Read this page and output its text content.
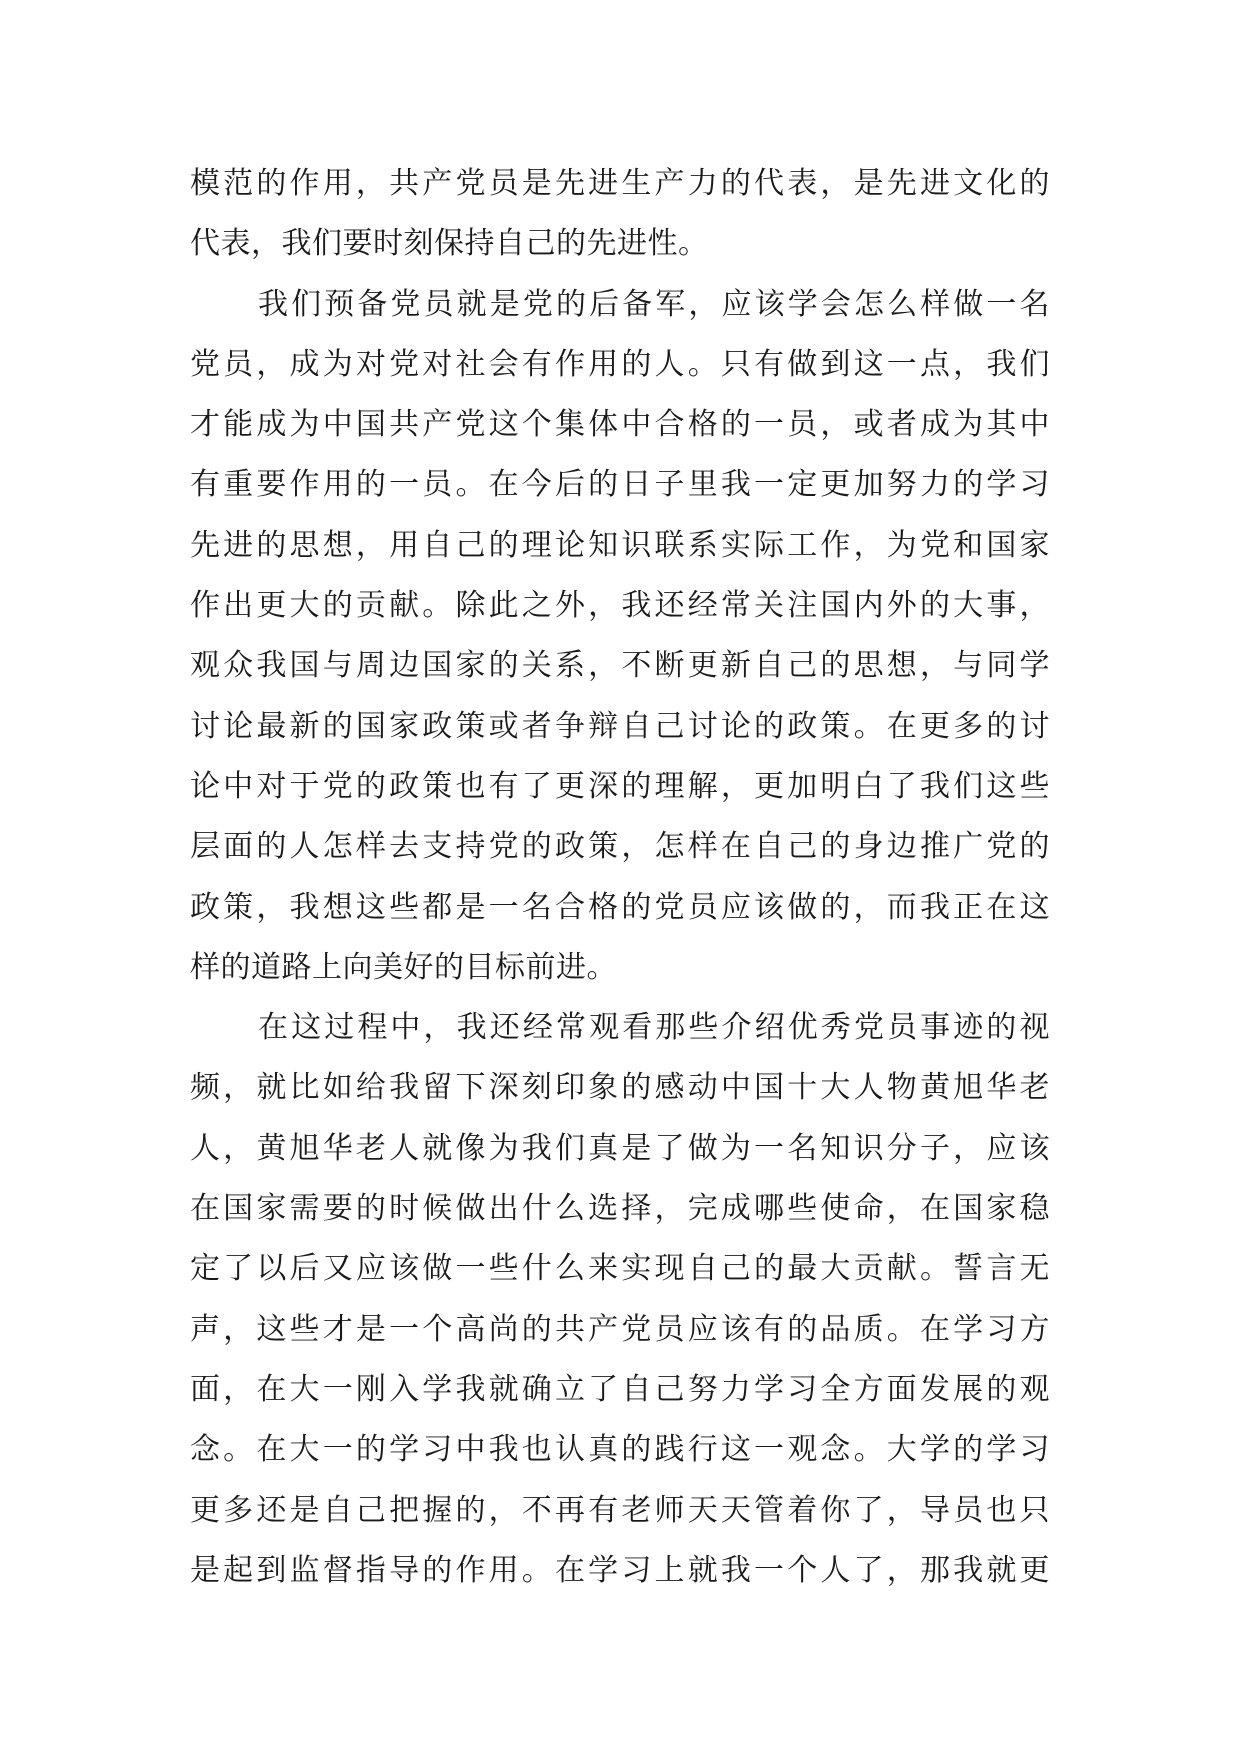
模范的作用，共产党员是先进生产力的代表，是先进文化的
代表，我们要时刻保持自己的先进性。
我们预备党员就是党的后备军，应该学会怎么样做一名
党员，成为对党对社会有作用的人。只有做到这一点，我们
才能成为中国共产党这个集体中合格的一员，或者成为其中
有重要作用的一员。在今后的日子里我一定更加努力的学习
先进的思想，用自己的理论知识联系实际工作，为党和国家
作出更大的贡献。除此之外，我还经常关注国内外的大事，
观众我国与周边国家的关系，不断更新自己的思想，与同学
讨论最新的国家政策或者争辩自己讨论的政策。在更多的讨
论中对于党的政策也有了更深的理解，更加明白了我们这些
层面的人怎样去支持党的政策，怎样在自己的身边推广党的
政策，我想这些都是一名合格的党员应该做的，而我正在这
样的道路上向美好的目标前进。
在这过程中，我还经常观看那些介绍优秀党员事迹的视
频，就比如给我留下深刻印象的感动中国十大人物黄旭华老
人，黄旭华老人就像为我们真是了做为一名知识分子，应该
在国家需要的时候做出什么选择，完成哪些使命，在国家稳
定了以后又应该做一些什么来实现自己的最大贡献。誓言无
声，这些才是一个高尚的共产党员应该有的品质。在学习方
面，在大一刚入学我就确立了自己努力学习全方面发展的观
念。在大一的学习中我也认真的践行这一观念。大学的学习
更多还是自己把握的，不再有老师天天管着你了，导员也只
是起到监督指导的作用。在学习上就我一个人了，那我就更
